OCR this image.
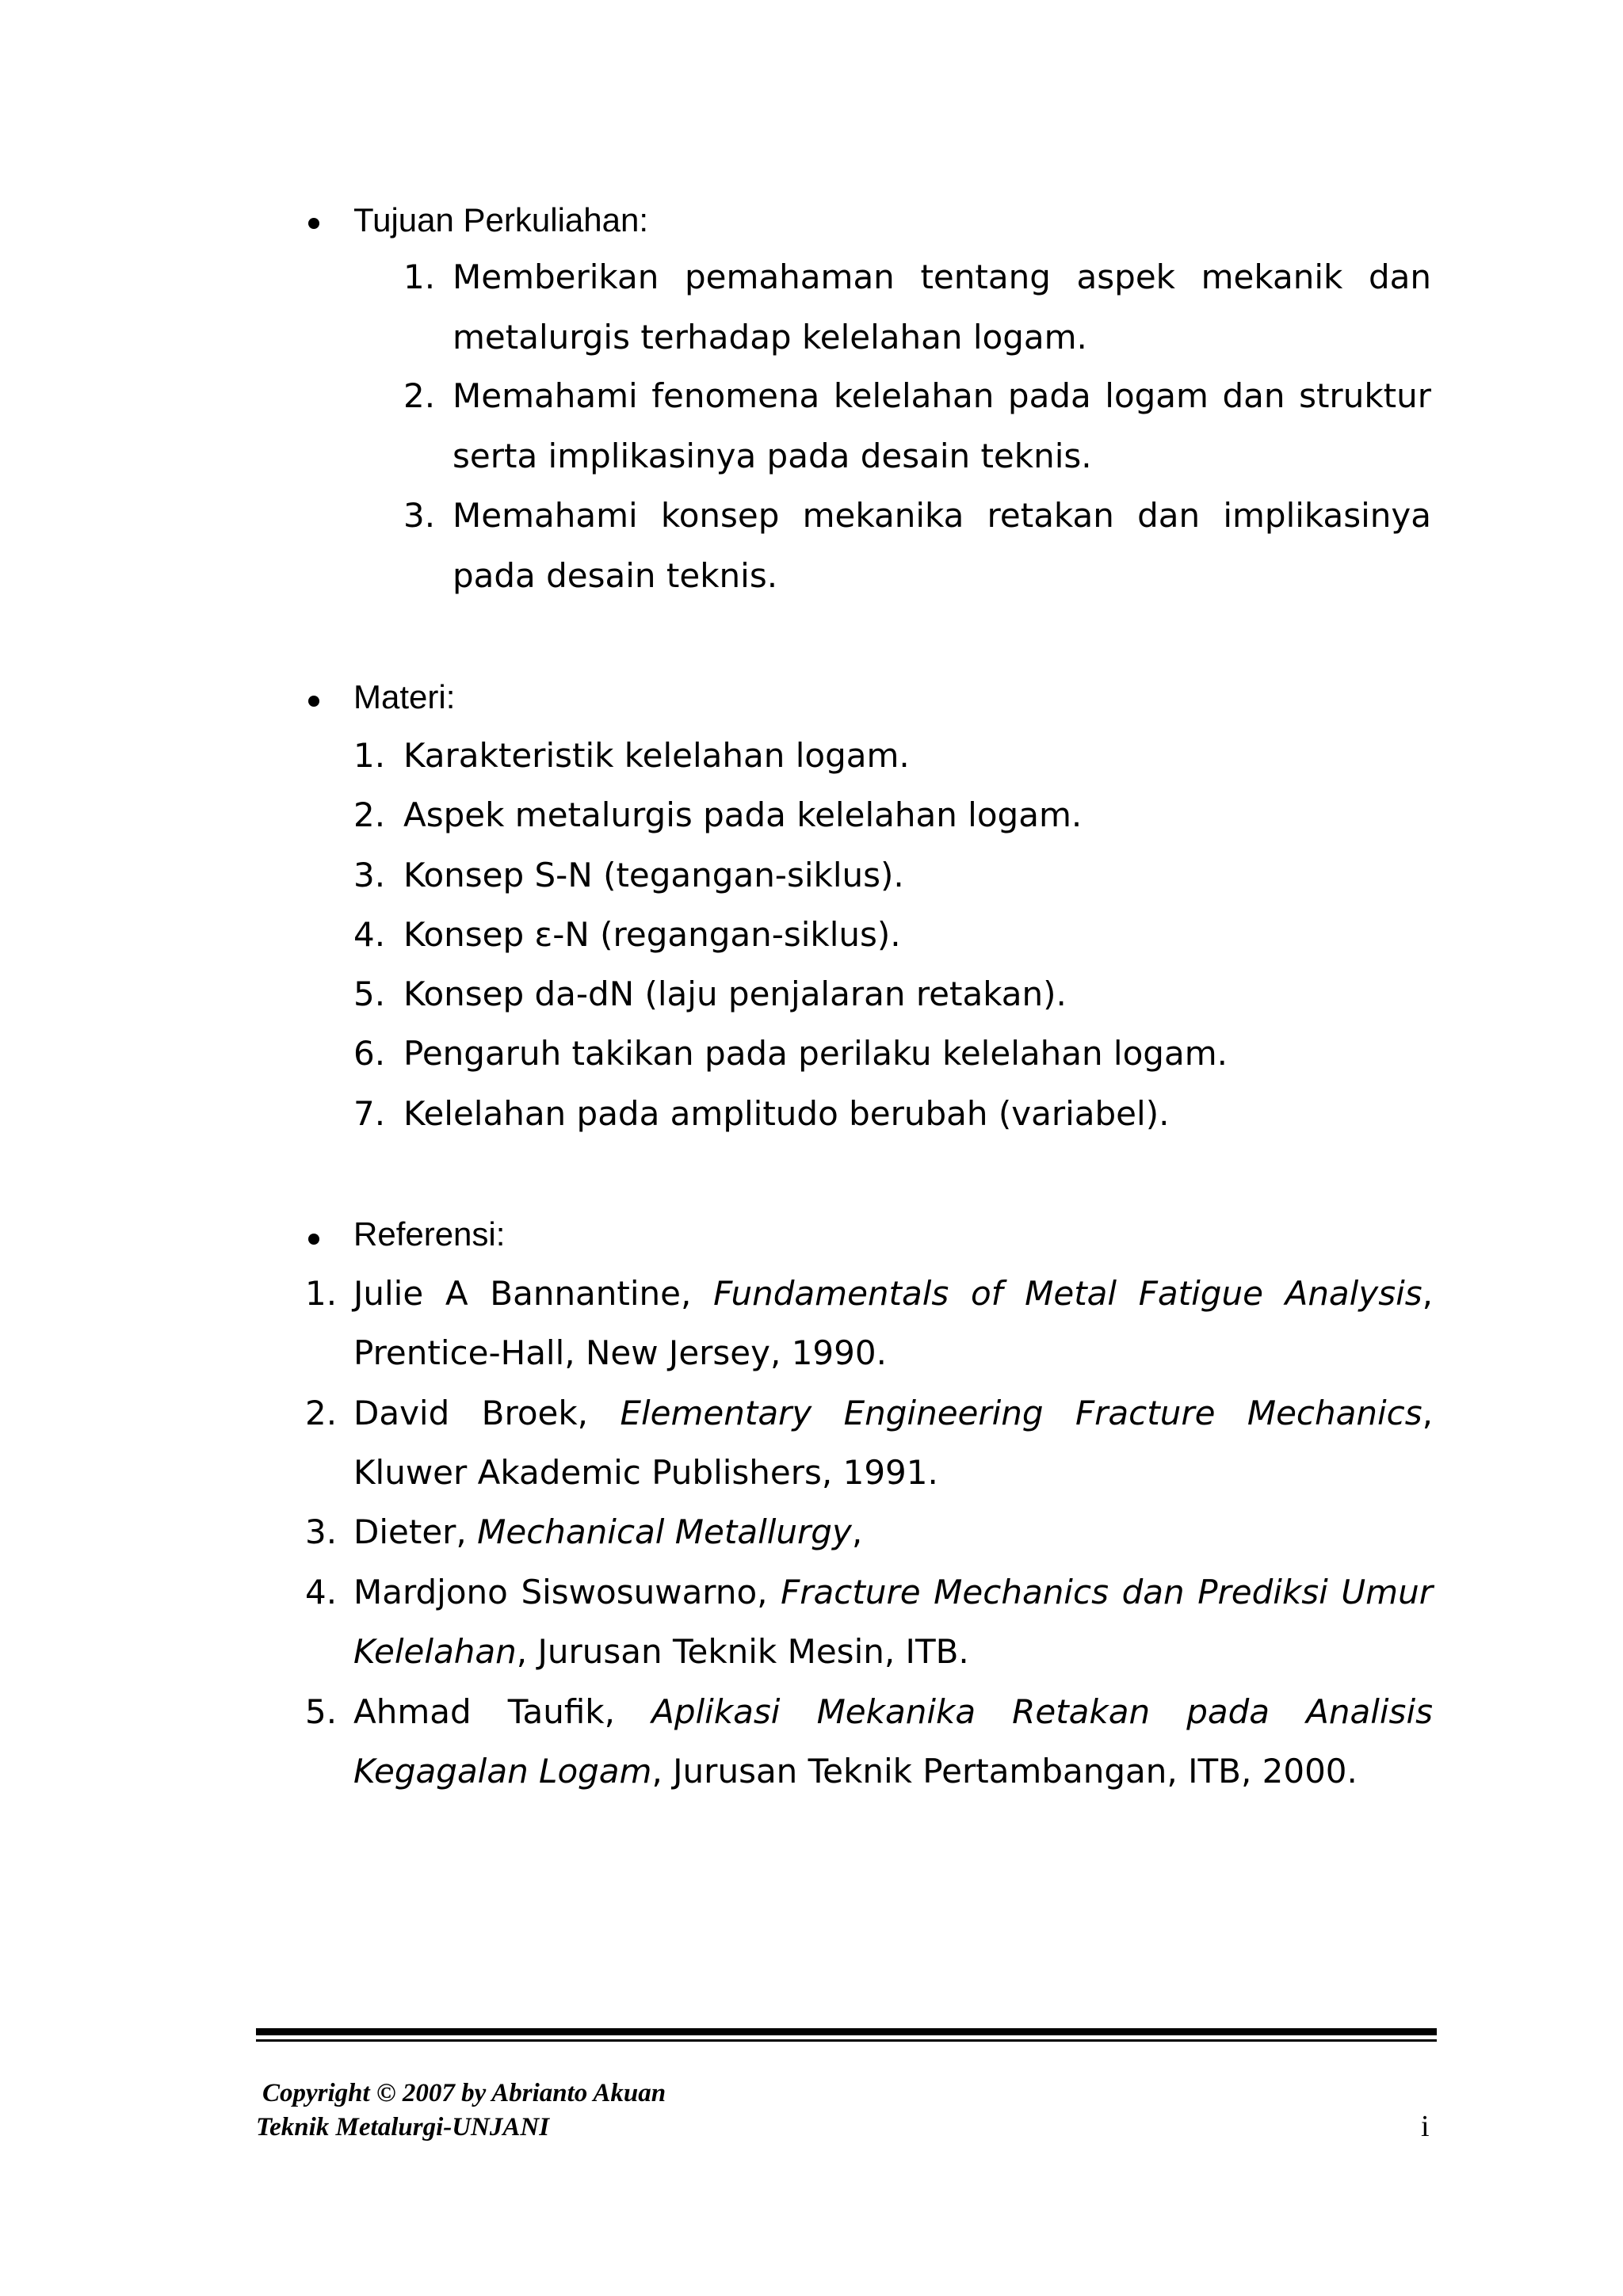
Tujuan Perkuliahan:
1. Memberikan pemahaman tentang aspek mekanik dan
metalurgis terhadap kelelahan logam.
2. Memahami fenomena kelelahan pada logam dan struktur
serta implikasinya pada desain teknis.
3. Memahami konsep mekanika retakan dan implikasinya
pada desain teknis.
Materi:
1. Karakteristik kelelahan logam.
2. Aspek metalurgis pada kelelahan logam.
3. Konsep S-N (tegangan-siklus).
4. Konsep ε-N (regangan-siklus).
5. Konsep da-dN (laju penjalaran retakan).
6. Pengaruh takikan pada perilaku kelelahan logam.
7. Kelelahan pada amplitudo berubah (variabel).
Referensi:
1. Julie A Bannantine, Fundamentals of Metal Fatigue Analysis,
Prentice-Hall, New Jersey, 1990.
2. David Broek, Elementary Engineering Fracture Mechanics,
Kluwer Akademic Publishers, 1991.
3. Dieter, Mechanical Metallurgy,
4. Mardjono Siswosuwarno, Fracture Mechanics dan Prediksi Umur
Kelelahan, Jurusan Teknik Mesin, ITB.
5. Ahmad Taufik, Aplikasi Mekanika Retakan pada Analisis
Kegagalan Logam, Jurusan Teknik Pertambangan, ITB, 2000.
Copyright © 2007 by Abrianto Akuan
Teknik Metalurgi-UNJANI	i
